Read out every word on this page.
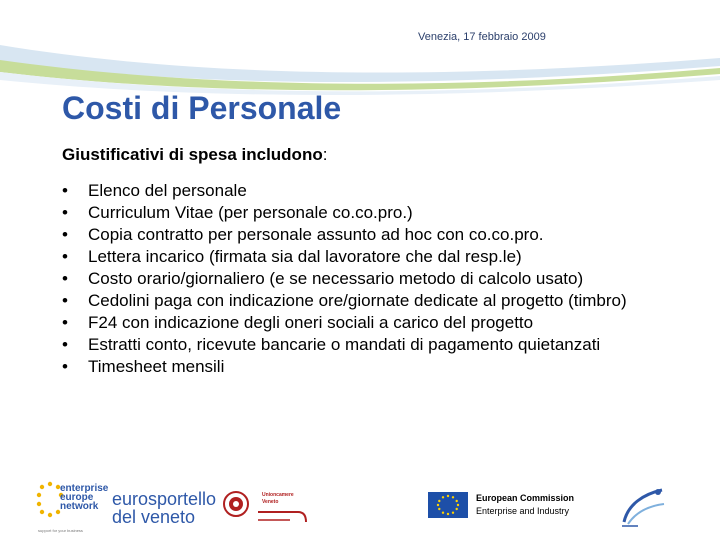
Venezia, 17 febbraio 2009
Costi di Personale
Giustificativi di spesa includono:
• Elenco del personale
• Curriculum Vitae (per personale co.co.pro.)
• Copia contratto per personale assunto ad hoc con co.co.pro.
• Lettera incarico (firmata sia dal lavoratore che dal resp.le)
• Costo orario/giornaliero (e se necessario metodo di calcolo usato)
• Cedolini paga con indicazione ore/giornate dedicate al progetto (timbro)
• F24 con indicazione degli oneri sociali a carico del progetto
• Estratti conto, ricevute bancarie o mandati di pagamento quietanzati
• Timesheet mensili
enterprise
europe
network
support for your business
eurosportello
del veneto
Unioncamere
Veneto	European Commission
Enterprise and Industry
